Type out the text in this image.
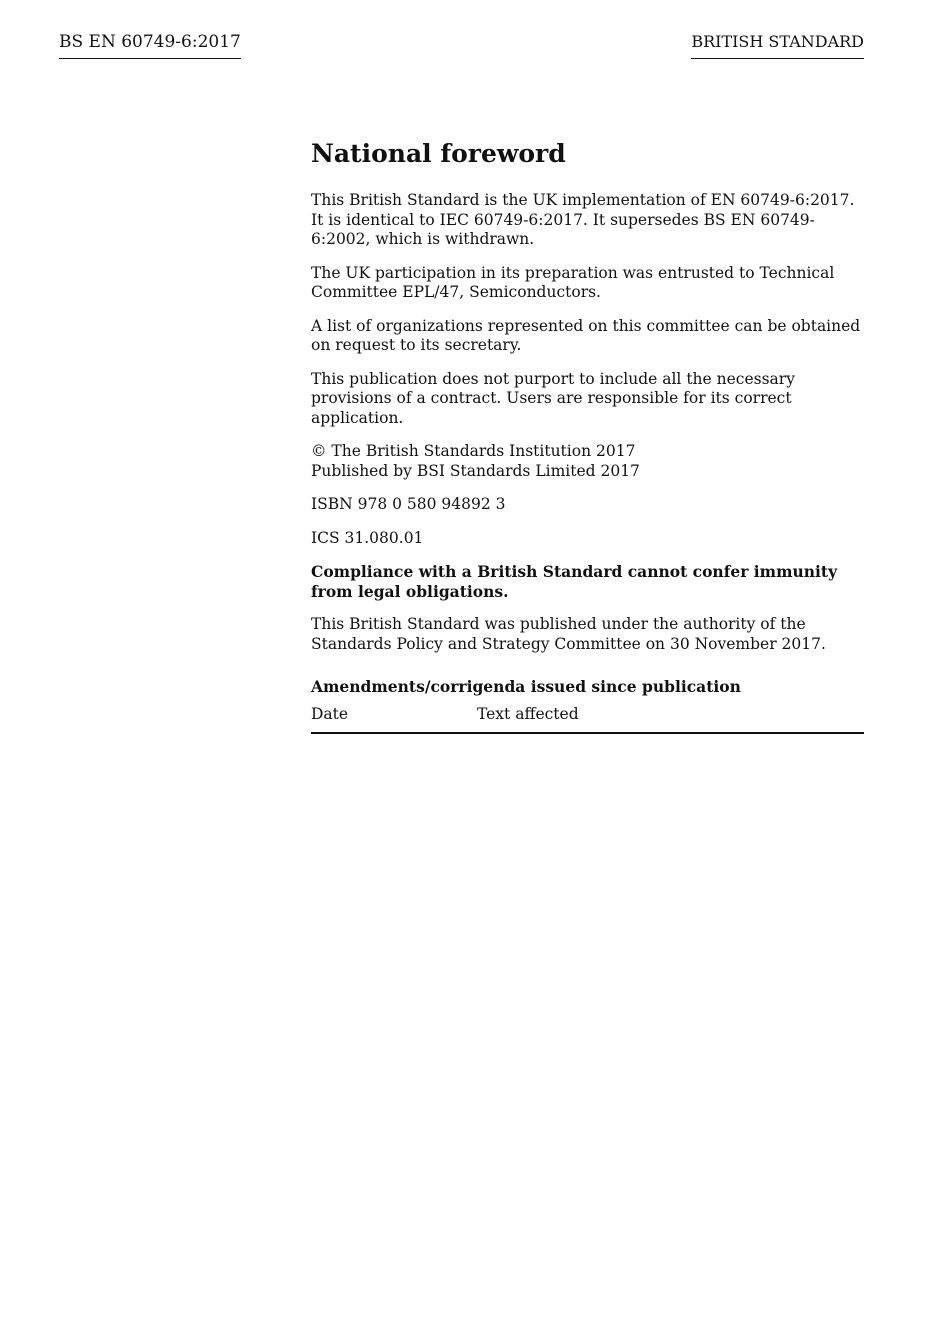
BS EN 60749-6:2017	BRITISH STANDARD
National foreword

This British Standard is the UK implementation of EN 60749-6:2017. It is identical to IEC 60749-6:2017. It supersedes BS EN 60749-6:2002, which is withdrawn.

The UK participation in its preparation was entrusted to Technical Committee EPL/47, Semiconductors.

A list of organizations represented on this committee can be obtained on request to its secretary.

This publication does not purport to include all the necessary provisions of a contract. Users are responsible for its correct application.

© The British Standards Institution 2017
Published by BSI Standards Limited 2017

ISBN 978 0 580 94892 3

ICS 31.080.01

Compliance with a British Standard cannot confer immunity from legal obligations.

This British Standard was published under the authority of the Standards Policy and Strategy Committee on 30 November 2017.

Amendments/corrigenda issued since publication
Date	Text affected
